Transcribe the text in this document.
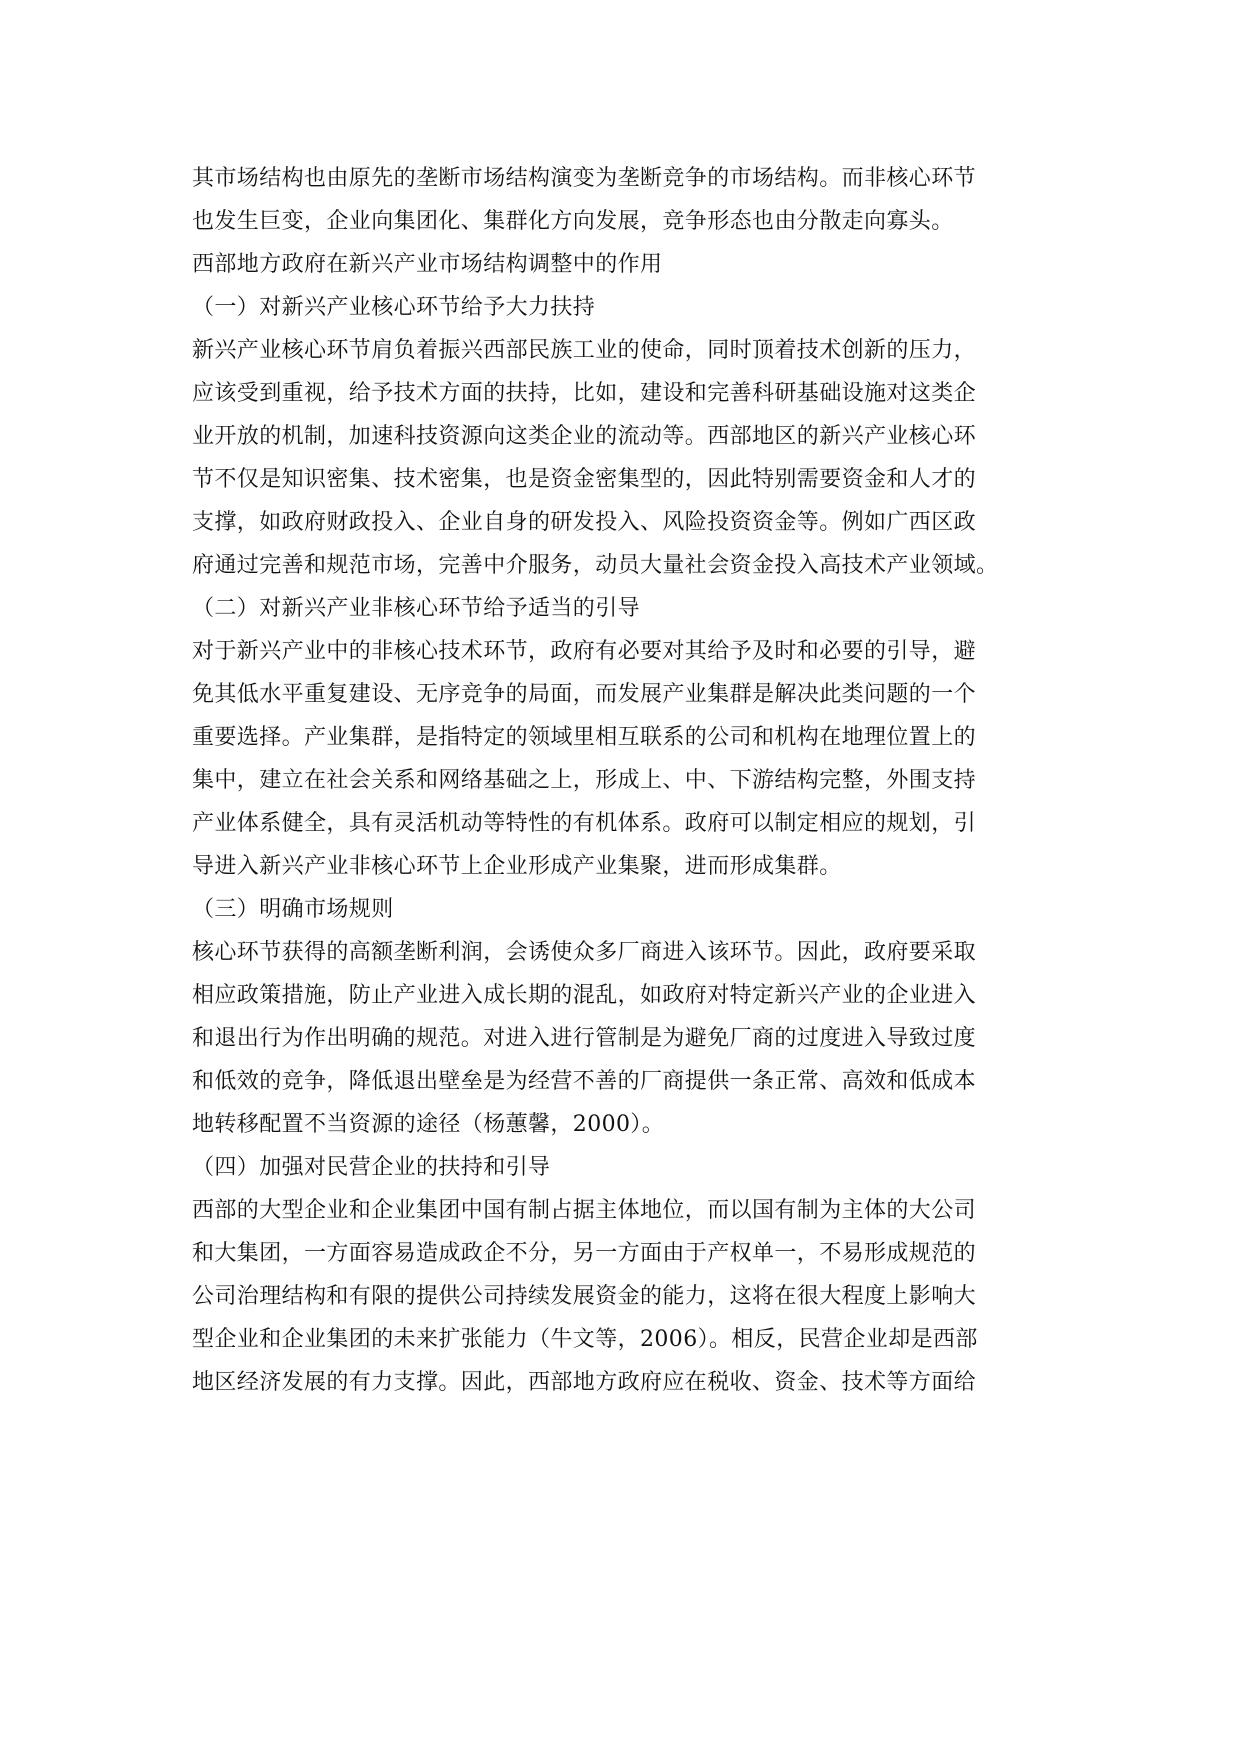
其市场结构也由原先的垄断市场结构演变为垄断竞争的市场结构。而非核心环节
也发生巨变，企业向集团化、集群化方向发展，竞争形态也由分散走向寡头。
西部地方政府在新兴产业市场结构调整中的作用
（一）对新兴产业核心环节给予大力扶持
新兴产业核心环节肩负着振兴西部民族工业的使命，同时顶着技术创新的压力，
应该受到重视，给予技术方面的扶持，比如，建设和完善科研基础设施对这类企
业开放的机制，加速科技资源向这类企业的流动等。西部地区的新兴产业核心环
节不仅是知识密集、技术密集，也是资金密集型的，因此特别需要资金和人才的
支撑，如政府财政投入、企业自身的研发投入、风险投资资金等。例如广西区政
府通过完善和规范市场，完善中介服务，动员大量社会资金投入高技术产业领域。
（二）对新兴产业非核心环节给予适当的引导
对于新兴产业中的非核心技术环节，政府有必要对其给予及时和必要的引导，避
免其低水平重复建设、无序竞争的局面，而发展产业集群是解决此类问题的一个
重要选择。产业集群，是指特定的领域里相互联系的公司和机构在地理位置上的
集中，建立在社会关系和网络基础之上，形成上、中、下游结构完整，外围支持
产业体系健全，具有灵活机动等特性的有机体系。政府可以制定相应的规划，引
导进入新兴产业非核心环节上企业形成产业集聚，进而形成集群。
（三）明确市场规则
核心环节获得的高额垄断利润，会诱使众多厂商进入该环节。因此，政府要采取
相应政策措施，防止产业进入成长期的混乱，如政府对特定新兴产业的企业进入
和退出行为作出明确的规范。对进入进行管制是为避免厂商的过度进入导致过度
和低效的竞争，降低退出壁垒是为经营不善的厂商提供一条正常、高效和低成本
地转移配置不当资源的途径（杨蕙馨，2000）。
（四）加强对民营企业的扶持和引导
西部的大型企业和企业集团中国有制占据主体地位，而以国有制为主体的大公司
和大集团，一方面容易造成政企不分，另一方面由于产权单一，不易形成规范的
公司治理结构和有限的提供公司持续发展资金的能力，这将在很大程度上影响大
型企业和企业集团的未来扩张能力（牛文等，2006）。相反，民营企业却是西部
地区经济发展的有力支撑。因此，西部地方政府应在税收、资金、技术等方面给
